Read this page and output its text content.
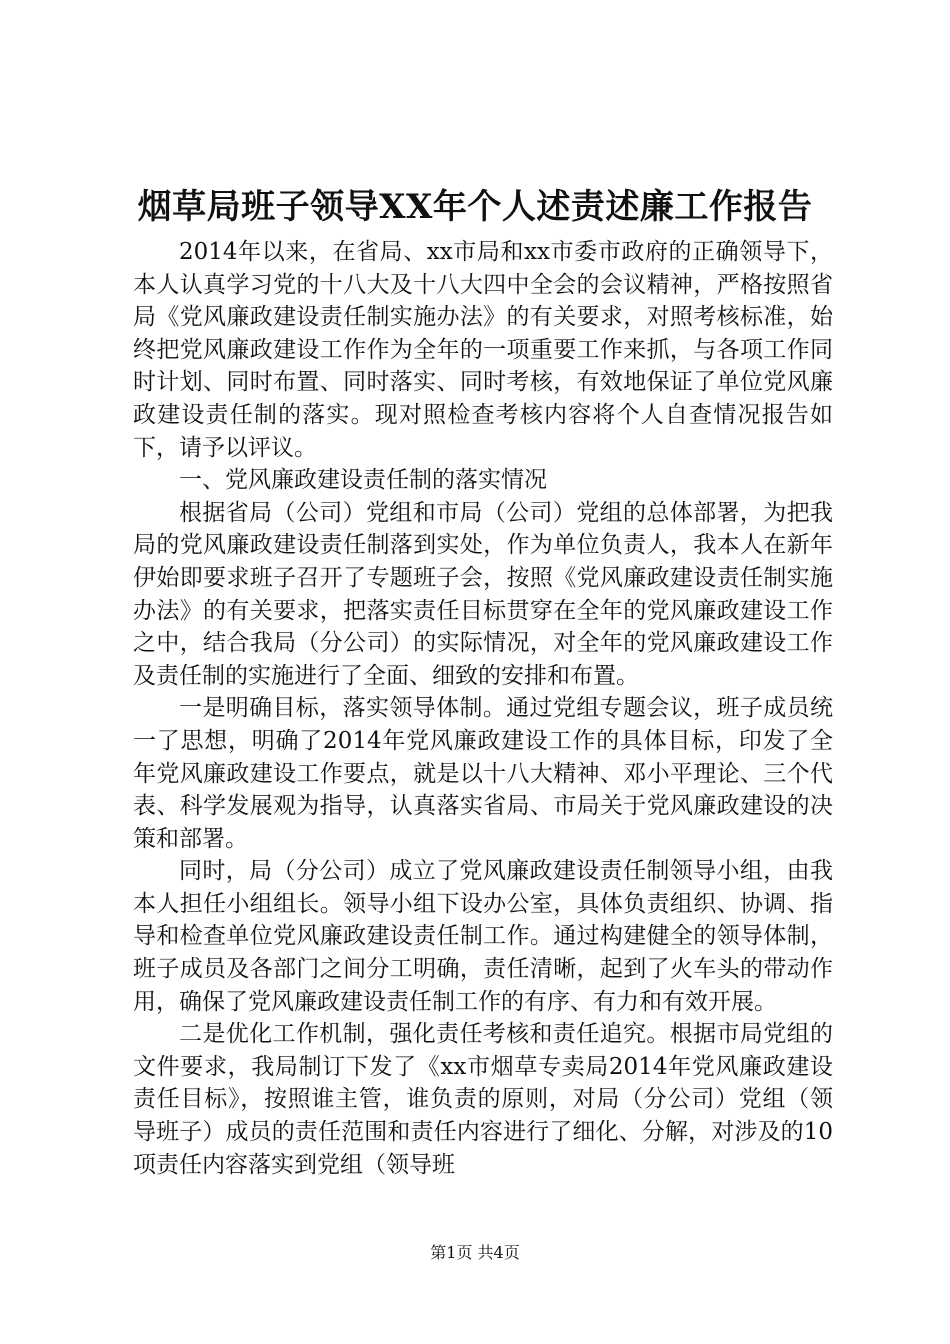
烟草局班子领导XX年个人述责述廉工作报告

2014年以来，在省局、xx市局和xx市委市政府的正确领导下，本人认真学习党的十八大及十八大四中全会的会议精神，严格按照省局《党风廉政建设责任制实施办法》的有关要求，对照考核标准，始终把党风廉政建设工作作为全年的一项重要工作来抓，与各项工作同时计划、同时布置、同时落实、同时考核，有效地保证了单位党风廉政建设责任制的落实。现对照检查考核内容将个人自查情况报告如下，请予以评议。

一、党风廉政建设责任制的落实情况

根据省局（公司）党组和市局（公司）党组的总体部署，为把我局的党风廉政建设责任制落到实处，作为单位负责人，我本人在新年伊始即要求班子召开了专题班子会，按照《党风廉政建设责任制实施办法》的有关要求，把落实责任目标贯穿在全年的党风廉政建设工作之中，结合我局（分公司）的实际情况，对全年的党风廉政建设工作及责任制的实施进行了全面、细致的安排和布置。

一是明确目标，落实领导体制。通过党组专题会议，班子成员统一了思想，明确了2014年党风廉政建设工作的具体目标，印发了全年党风廉政建设工作要点，就是以十八大精神、邓小平理论、三个代表、科学发展观为指导，认真落实省局、市局关于党风廉政建设的决策和部署。

同时，局（分公司）成立了党风廉政建设责任制领导小组，由我本人担任小组组长。领导小组下设办公室，具体负责组织、协调、指导和检查单位党风廉政建设责任制工作。通过构建健全的领导体制，班子成员及各部门之间分工明确，责任清晰，起到了火车头的带动作用，确保了党风廉政建设责任制工作的有序、有力和有效开展。

二是优化工作机制，强化责任考核和责任追究。根据市局党组的文件要求，我局制订下发了《xx市烟草专卖局2014年党风廉政建设责任目标》，按照谁主管，谁负责的原则，对局（分公司）党组（领导班子）成员的责任范围和责任内容进行了细化、分解，对涉及的10项责任内容落实到党组（领导班

第1页 共4页
